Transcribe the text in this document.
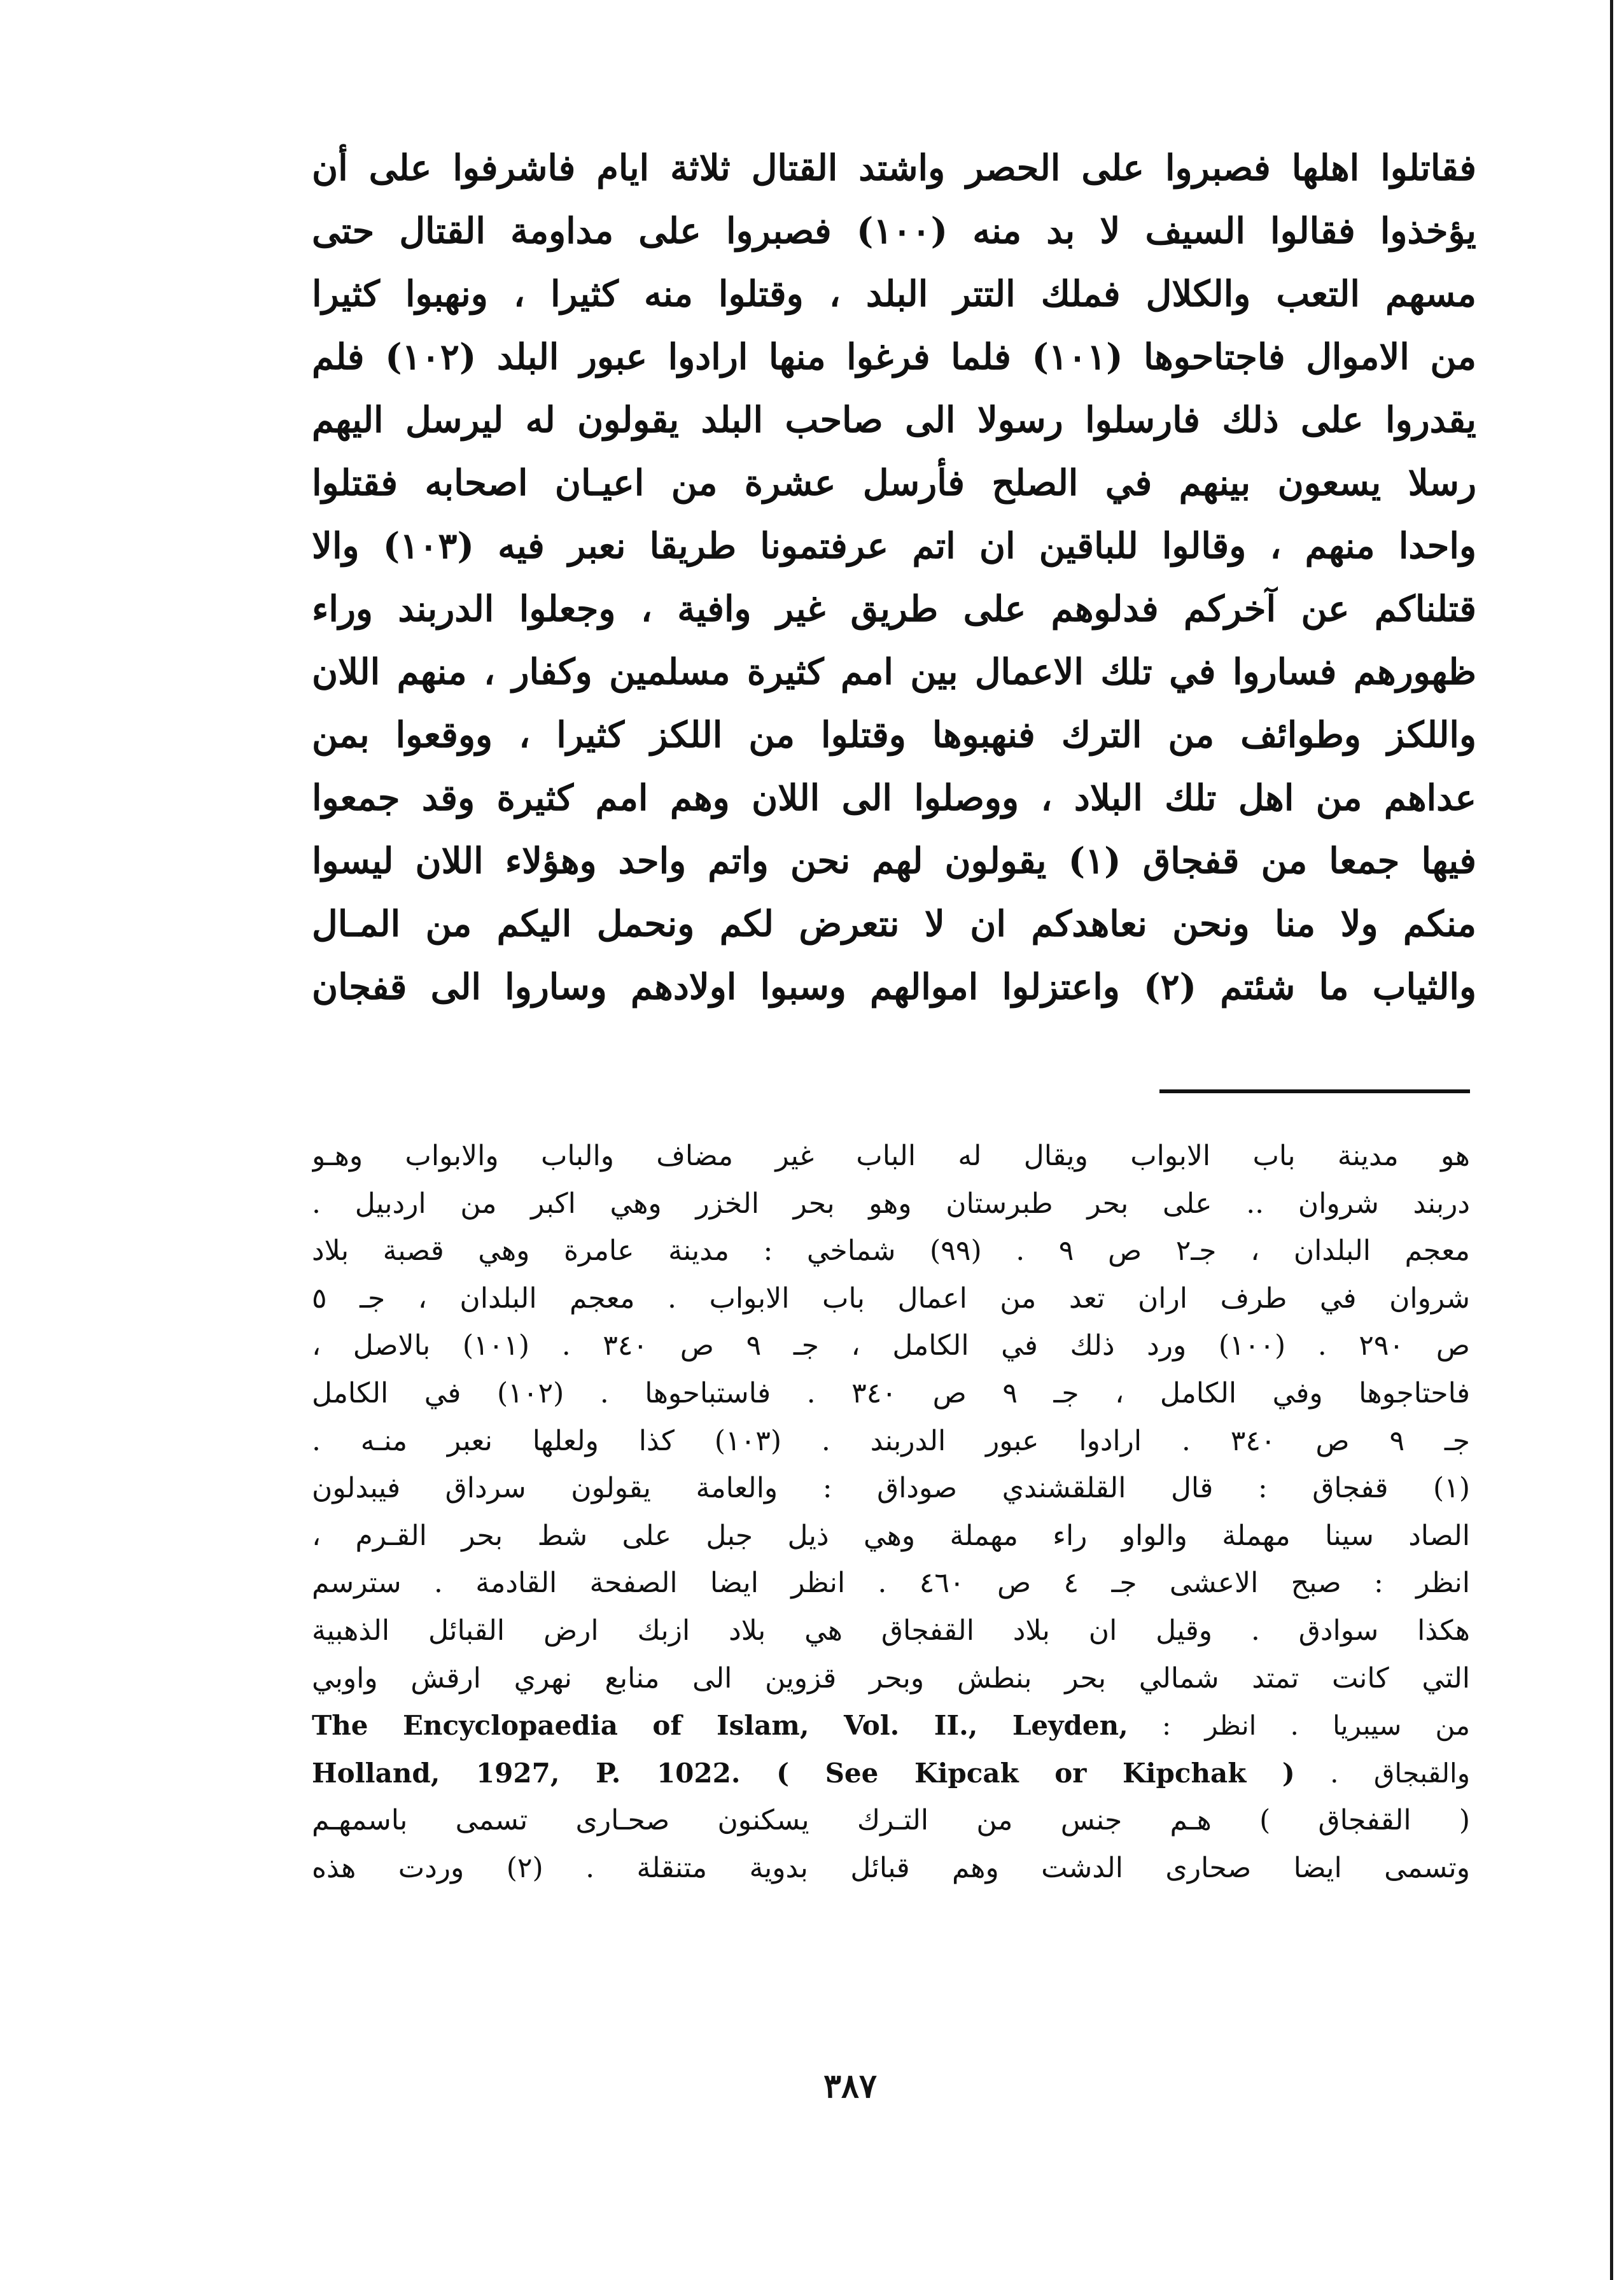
فقاتلوا اهلها فصبروا على الحصر واشتد القتال ثلاثة ايام فاشرفوا على أن
يؤخذوا فقالوا السيف لا بد منه (١٠٠) فصبروا على مداومة القتال حتى
مسهم التعب والكلال فملك التتر البلد ، وقتلوا منه كثيرا ، ونهبوا كثيرا
من الاموال فاجتاحوها (١٠١) فلما فرغوا منها ارادوا عبور البلد (١٠٢) فلم
يقدروا على ذلك فارسلوا رسولا الى صاحب البلد يقولون له ليرسل اليهم
رسلا يسعون بينهم في الصلح فأرسل عشرة من اعيـان اصحابه فقتلوا
واحدا منهم ، وقالوا للباقين ان اتم عرفتمونا طريقا نعبر فيه (١٠٣) والا
قتلناكم عن آخركم فدلوهم على طريق غير وافية ، وجعلوا الدربند وراء
ظهورهم فساروا في تلك الاعمال بين امم كثيرة مسلمين وكفار ، منهم اللان
واللكز وطوائف من الترك فنهبوها وقتلوا من اللكز كثيرا ، ووقعوا بمن
عداهم من اهل تلك البلاد ، ووصلوا الى اللان وهم امم كثيرة وقد جمعوا
فيها جمعا من قفجاق (١) يقولون لهم نحن واتم واحد وهؤلاء اللان ليسوا
منكم ولا منا ونحن نعاهدكم ان لا نتعرض لكم ونحمل اليكم من المـال
والثياب ما شئتم (٢) واعتزلوا اموالهم وسبوا اولادهم وساروا الى قفجان
هو مدينة باب الابواب ويقال له الباب غير مضاف والباب والابواب وهـو
دربند شروان .. على بحر طبرستان وهو بحر الخزر وهي اكبر من اردبيل .
معجم البلدان ، جـ٢ ص ٩ . (٩٩) شماخي : مدينة عامرة وهي قصبة بلاد
شروان في طرف اران تعد من اعمال باب الابواب . معجم البلدان ، جـ ٥
ص ٢٩٠ . (١٠٠) ورد ذلك في الكامل ، جـ ٩ ص ٣٤٠ . (١٠١) بالاصل ،
فاحتاجوها وفي الكامل ، جـ ٩ ص ٣٤٠ . فاستباحوها . (١٠٢) في الكامل
جـ ٩ ص ٣٤٠ . ارادوا عبور الدربند . (١٠٣) كذا ولعلها نعبر منـه .
(١) قفجاق : قال القلقشندي صوداق : والعامة يقولون سرداق فيبدلون
الصاد سينا مهملة والواو راء مهملة وهي ذيل جبل على شط بحر القـرم ،
انظر : صبح الاعشى جـ ٤ ص ٤٦٠ . انظر ايضا الصفحة القادمة . سترسم
هكذا سوادق . وقيل ان بلاد القفجاق هي بلاد ازبك ارض القبائل الذهبية
التي كانت تمتد شمالي بحر بنطش وبحر قزوين الى منابع نهري ارقش واوبي
من سيبريا . انظر : The Encyclopaedia of Islam, Vol. II., Leyden,
والقبجاق . Holland, 1927, P. 1022. ( See Kipcak or Kipchak )
( القفجاق ) هـم جنس من التـرك يسكنون صحـارى تسمى باسمهـم
وتسمى ايضا صحارى الدشت وهم قبائل بدوية متنقلة . (٢) وردت هذه
٣٨٧
